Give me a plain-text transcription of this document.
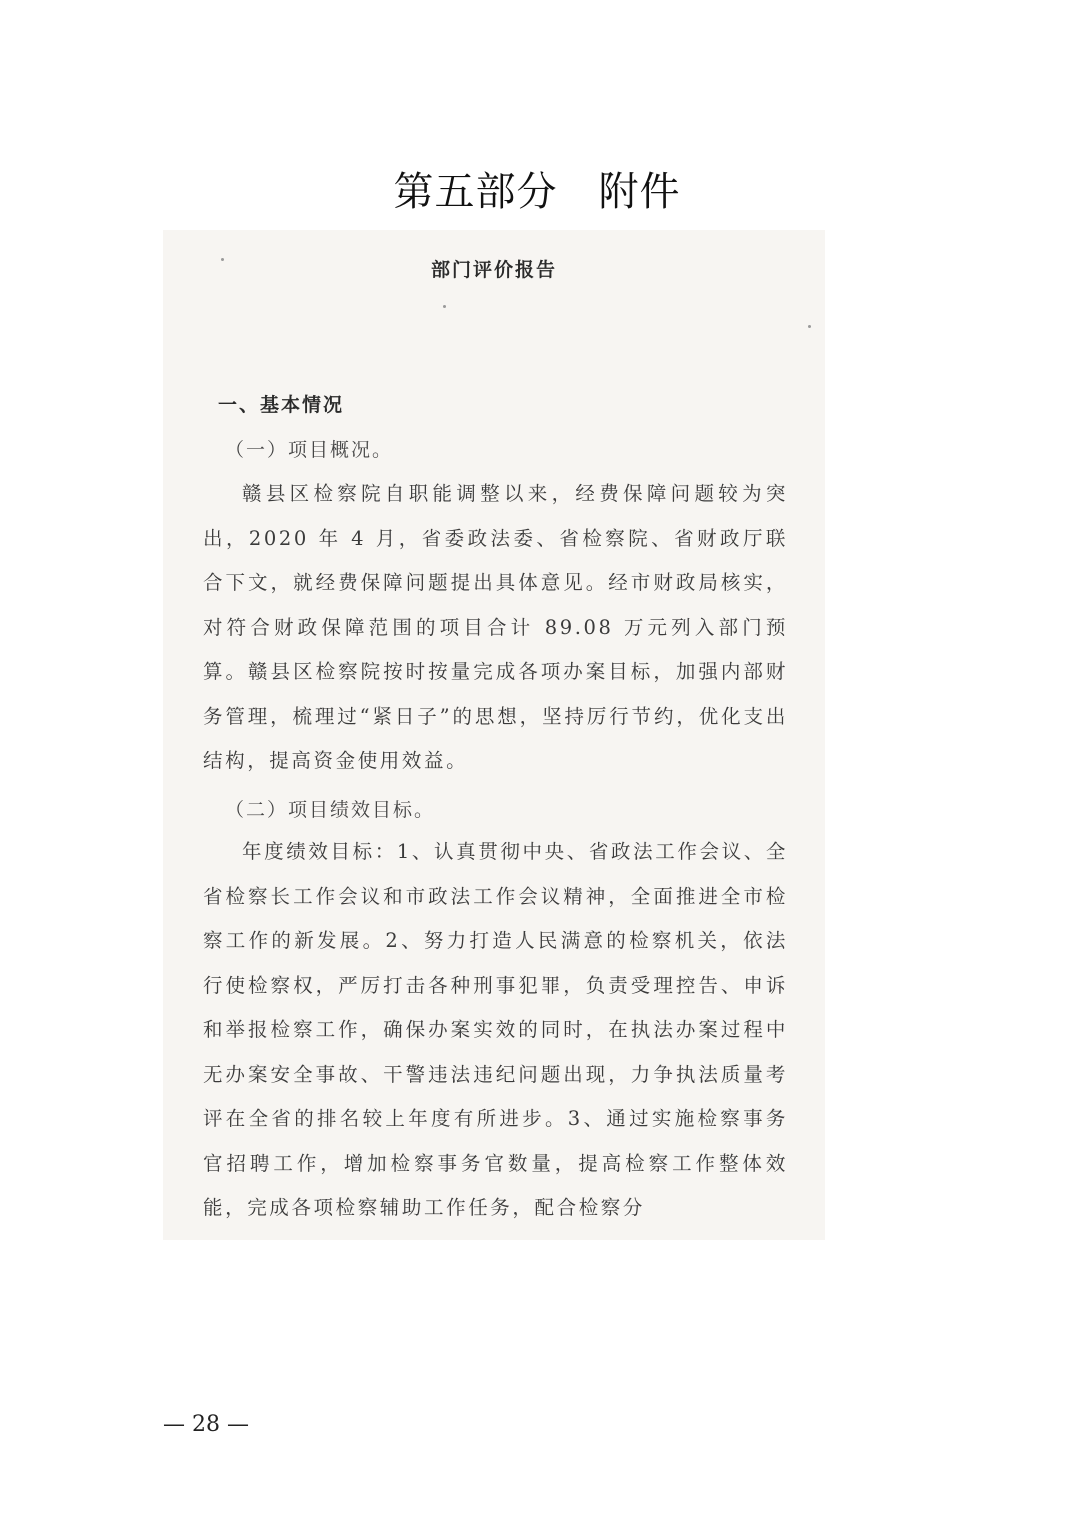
第五部分　附件
部门评价报告
一、基本情况
（一）项目概况。

赣县区检察院自职能调整以来，经费保障问题较为突出，2020 年 4 月，省委政法委、省检察院、省财政厅联合下文，就经费保障问题提出具体意见。经市财政局核实，对符合财政保障范围的项目合计 89.08 万元列入部门预算。赣县区检察院按时按量完成各项办案目标，加强内部财务管理，梳理过“紧日子”的思想，坚持厉行节约，优化支出结构，提高资金使用效益。

（二）项目绩效目标。

年度绩效目标：1、认真贯彻中央、省政法工作会议、全省检察长工作会议和市政法工作会议精神，全面推进全市检察工作的新发展。2、努力打造人民满意的检察机关，依法行使检察权，严厉打击各种刑事犯罪，负责受理控告、申诉和举报检察工作，确保办案实效的同时，在执法办案过程中无办案安全事故、干警违法违纪问题出现，力争执法质量考评在全省的排名较上年度有所进步。3、通过实施检察事务官招聘工作，增加检察事务官数量，提高检察工作整体效能，完成各项检察辅助工作任务，配合检察分

— 28 —
